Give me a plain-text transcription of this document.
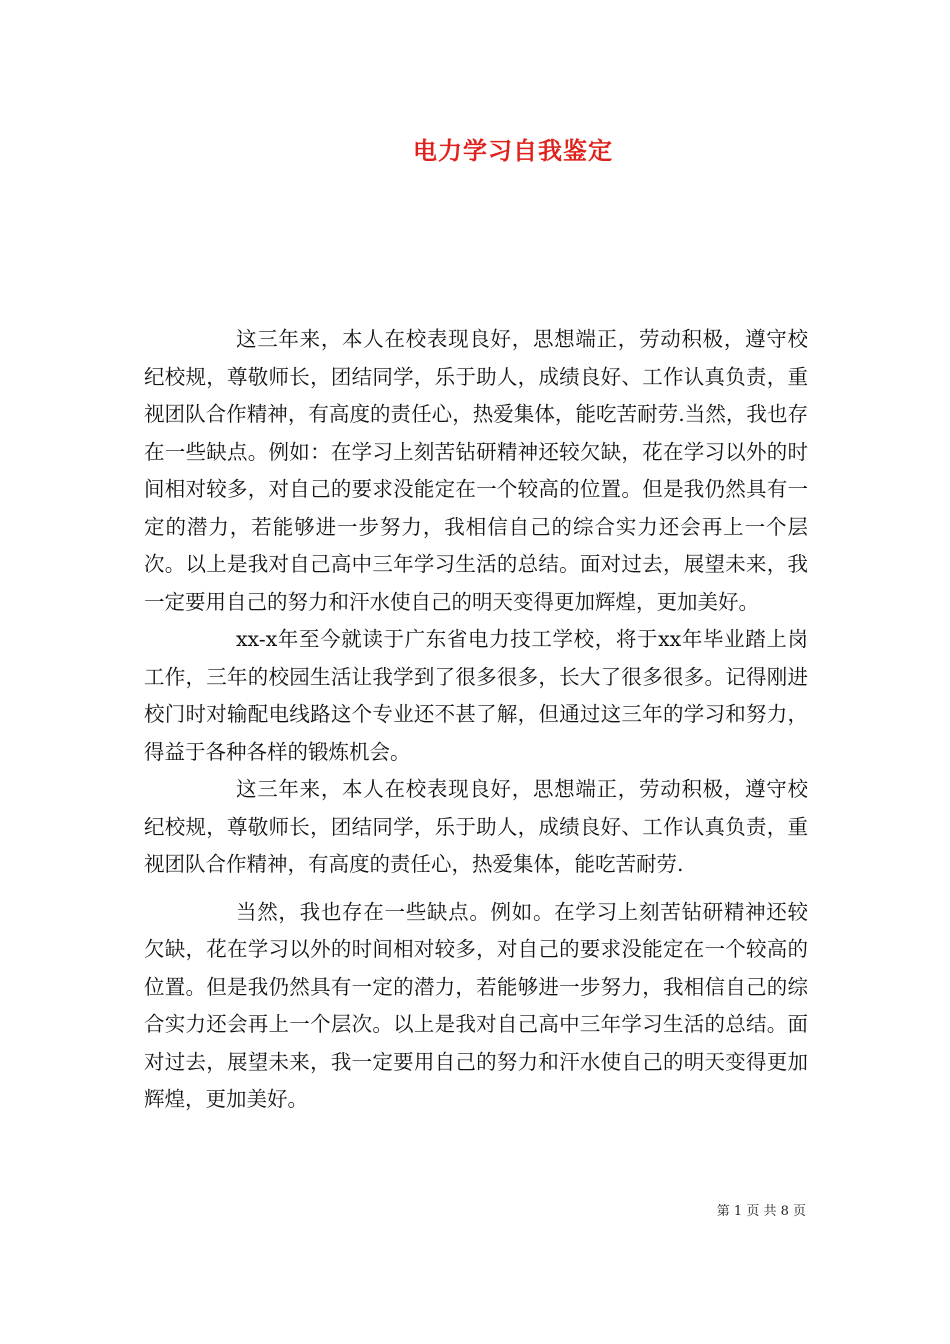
电力学习自我鉴定

这三年来，本人在校表现良好，思想端正，劳动积极，遵守校纪校规，尊敬师长，团结同学，乐于助人，成绩良好、工作认真负责，重视团队合作精神，有高度的责任心，热爱集体，能吃苦耐劳.当然，我也存在一些缺点。例如：在学习上刻苦钻研精神还较欠缺，花在学习以外的时间相对较多，对自己的要求没能定在一个较高的位置。但是我仍然具有一定的潜力，若能够进一步努力，我相信自己的综合实力还会再上一个层次。以上是我对自己高中三年学习生活的总结。面对过去，展望未来，我一定要用自己的努力和汗水使自己的明天变得更加辉煌，更加美好。

xx-x年至今就读于广东省电力技工学校，将于xx年毕业踏上岗工作，三年的校园生活让我学到了很多很多，长大了很多很多。记得刚进校门时对输配电线路这个专业还不甚了解，但通过这三年的学习和努力，得益于各种各样的锻炼机会。

这三年来，本人在校表现良好，思想端正，劳动积极，遵守校纪校规，尊敬师长，团结同学，乐于助人，成绩良好、工作认真负责，重视团队合作精神，有高度的责任心，热爱集体，能吃苦耐劳.

当然，我也存在一些缺点。例如。在学习上刻苦钻研精神还较欠缺，花在学习以外的时间相对较多，对自己的要求没能定在一个较高的位置。但是我仍然具有一定的潜力，若能够进一步努力，我相信自己的综合实力还会再上一个层次。以上是我对自己高中三年学习生活的总结。面对过去，展望未来，我一定要用自己的努力和汗水使自己的明天变得更加辉煌，更加美好。

第 1 页 共 8 页
